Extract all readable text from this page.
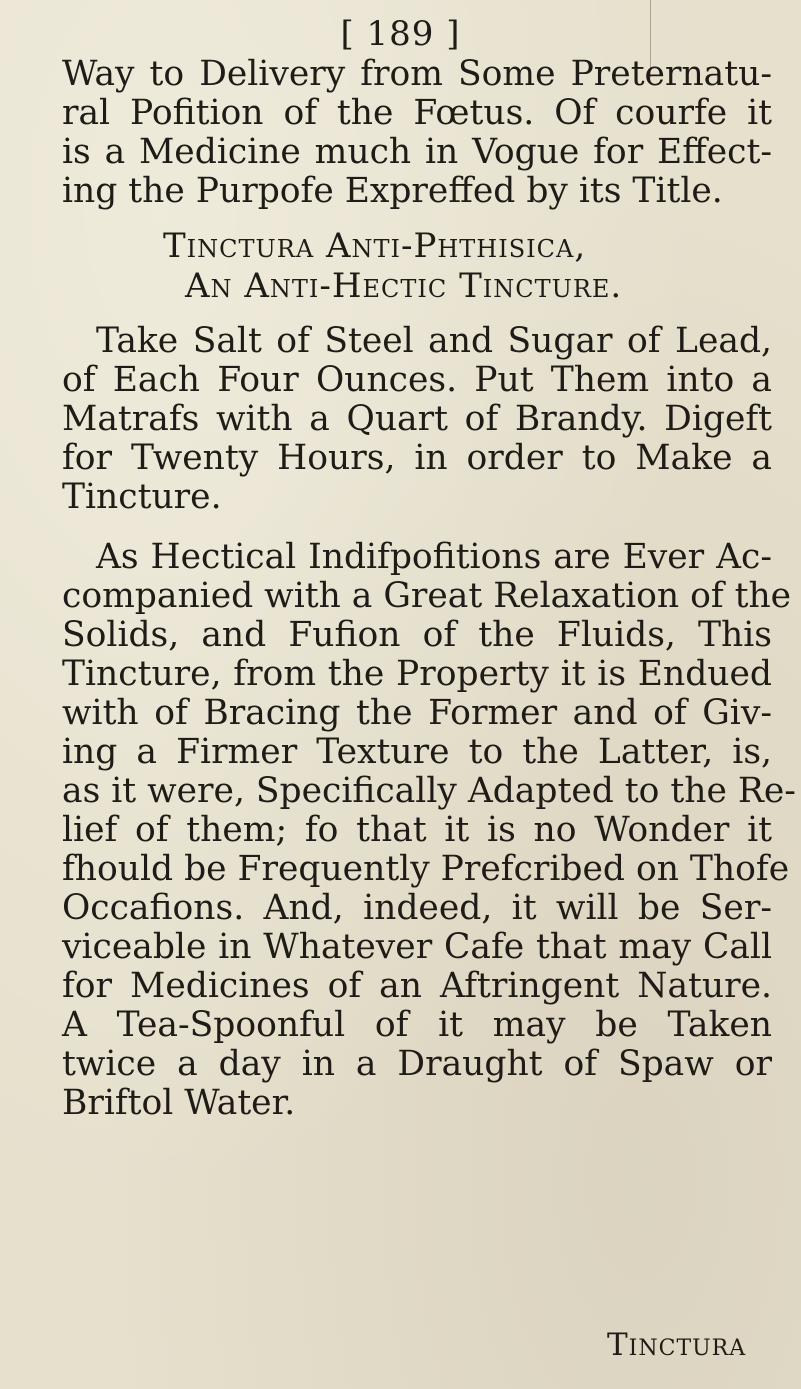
[ 189 ]
Way to Delivery from Some Preternatu-
ral Pofition of the Fœtus. Of courfe it
is a Medicine much in Vogue for Effect-
ing the Purpofe Expreffed by its Title.
Tinctura Anti-Phthisica,
An Anti-Hectic Tincture.
Take Salt of Steel and Sugar of Lead,
of Each Four Ounces. Put Them into a
Matrafs with a Quart of Brandy. Digeft
for Twenty Hours, in order to Make a
Tincture.
As Hectical Indifpofitions are Ever Ac-
companied with a Great Relaxation of the
Solids, and Fufion of the Fluids, This
Tincture, from the Property it is Endued
with of Bracing the Former and of Giv-
ing a Firmer Texture to the Latter, is,
as it were, Specifically Adapted to the Re-
lief of them; fo that it is no Wonder it
fhould be Frequently Prefcribed on Thofe
Occafions. And, indeed, it will be Ser-
viceable in Whatever Cafe that may Call
for Medicines of an Aftringent Nature.
A Tea-Spoonful of it may be Taken
twice a day in a Draught of Spaw or
Briftol Water.
Tinctura
